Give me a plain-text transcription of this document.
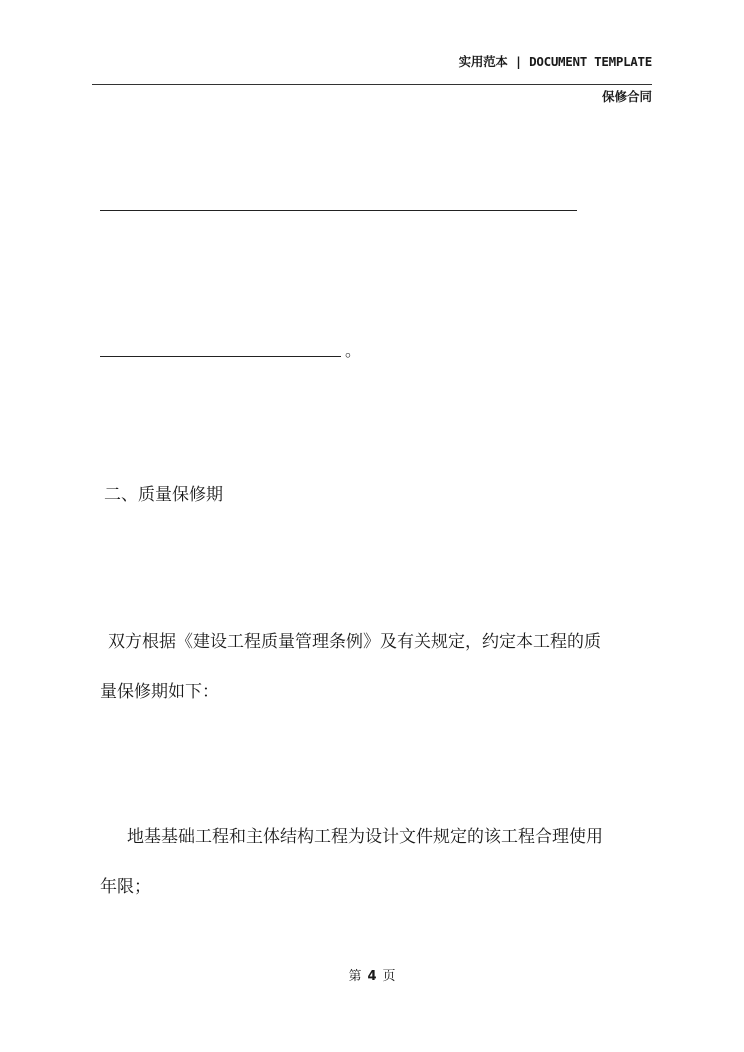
实用范本 | DOCUMENT TEMPLATE
保修合同
。
二、质量保修期
双方根据《建设工程质量管理条例》及有关规定，约定本工程的质
量保修期如下：
地基基础工程和主体结构工程为设计文件规定的该工程合理使用
年限；
第 4 页
